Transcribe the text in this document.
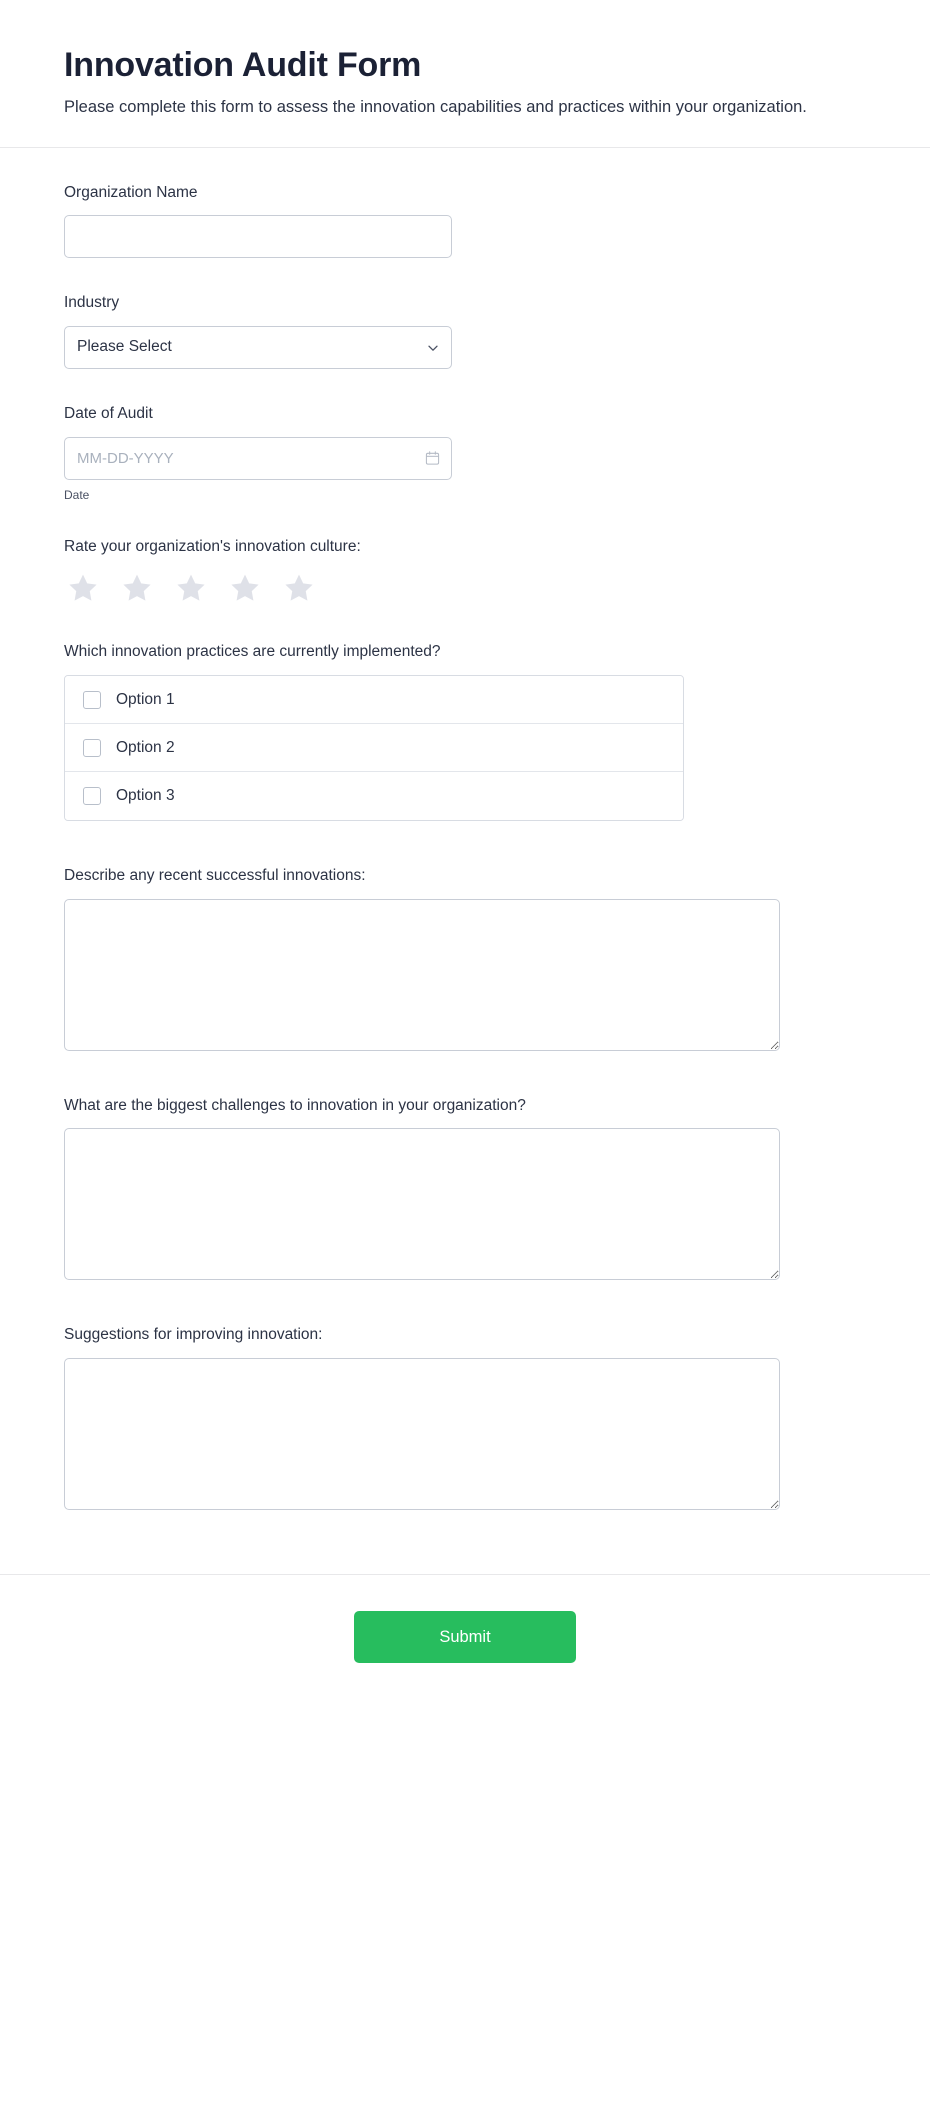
Innovation Audit Form

Please complete this form to assess the innovation capabilities and practices within your organization.

Organization Name
Industry
Please Select
Date of Audit
MM-DD-YYYY
Date
Rate your organization's innovation culture:
Which innovation practices are currently implemented?
Option 1
Option 2
Option 3
Describe any recent successful innovations:
What are the biggest challenges to innovation in your organization?
Suggestions for improving innovation:
Submit
